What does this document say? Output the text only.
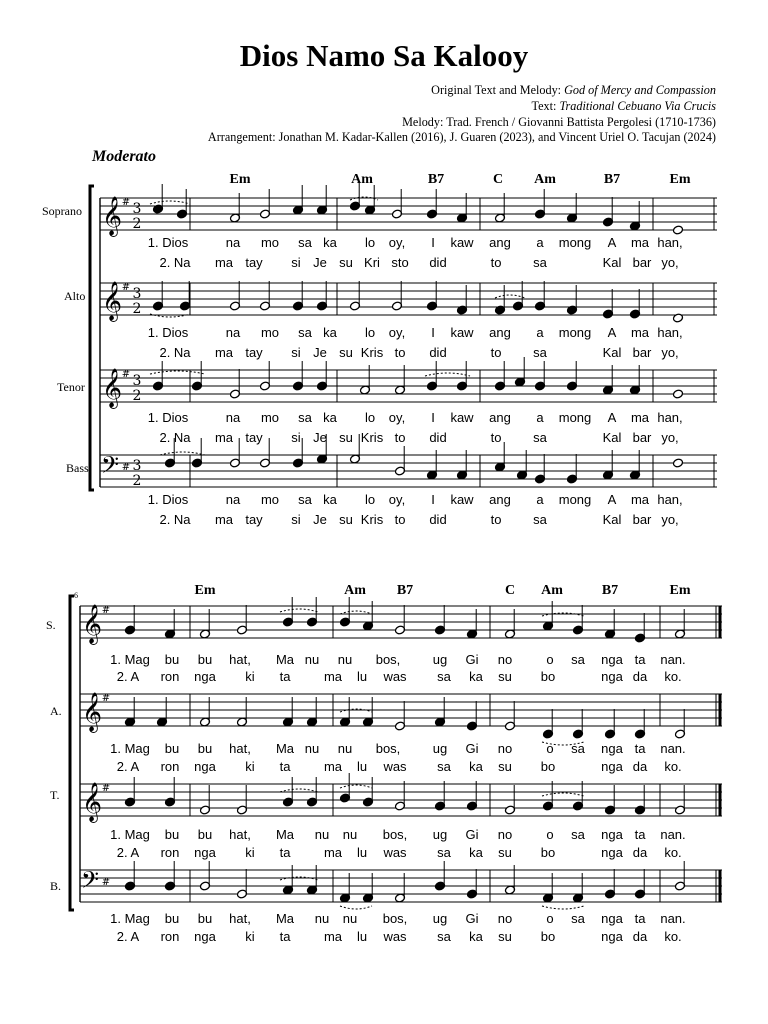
Dios Namo Sa Kalooy
Original Text and Melody: God of Mercy and Compassion
Text: Traditional Cebuano Via Crucis
Melody: Trad. French / Giovanni Battista Pergolesi (1710-1736)
Arrangement: Jonathan M. Kadar-Kallen (2016), J. Guaren (2023), and Vincent Uriel O. Tacujan (2024)
Moderato
Em	Am	B7	C Am	B7	Em
Soprano
Alto
Tenor
Bass
Em	Am B7	C Am	B7	Em
6
S.
A.
T.
B.
1. Dios	na mo sa ka lo oy, I kaw ang a mong A ma han,
2. Na ma tay si Je su Kri sto did	to sa	Kal bar yo,
1. Dios	na mo sa ka lo oy, I kaw ang a mong A ma han,
2. Na ma tay si Je su Kris to did	to sa	Kal bar yo,
1. Dios	na mo sa ka lo oy, I kaw ang a mong A ma han,
2. Na ma tay si Je su Kris to did	to sa	Kal bar yo,
1. Dios	na mo sa ka lo oy, I kaw ang a mong A ma han,
2. Na ma tay si Je su Kris to did	to sa	Kal bar yo,
1. Mag bu bu hat, Ma nu nu bos, ug Gi no	o sa nga ta nan.
2. A ron nga ki ta	ma lu was sa ka su bo	nga da ko.
1. Mag bu bu hat, Ma nu nu bos, ug Gi no	o sa nga ta nan.
2. A ron nga ki ta	ma lu was sa ka su bo	nga da ko.
1. Mag bu bu hat, Ma nu nu bos, ug Gi no	o sa nga ta nan.
2. A ron nga ki ta	ma lu was sa ka su bo	nga da ko.
1. Mag bu bu hat, Ma nu nu bos, ug Gi no	o sa nga ta nan.
2. A ron nga ki ta	ma lu was sa ka su bo	nga da ko.
𝄞 # 3
2
𝄞 # 3
2
𝄞 # 3
2
𝄢 # 3
2
𝄞 #
𝄞 #
𝄞 #
𝄢 #
